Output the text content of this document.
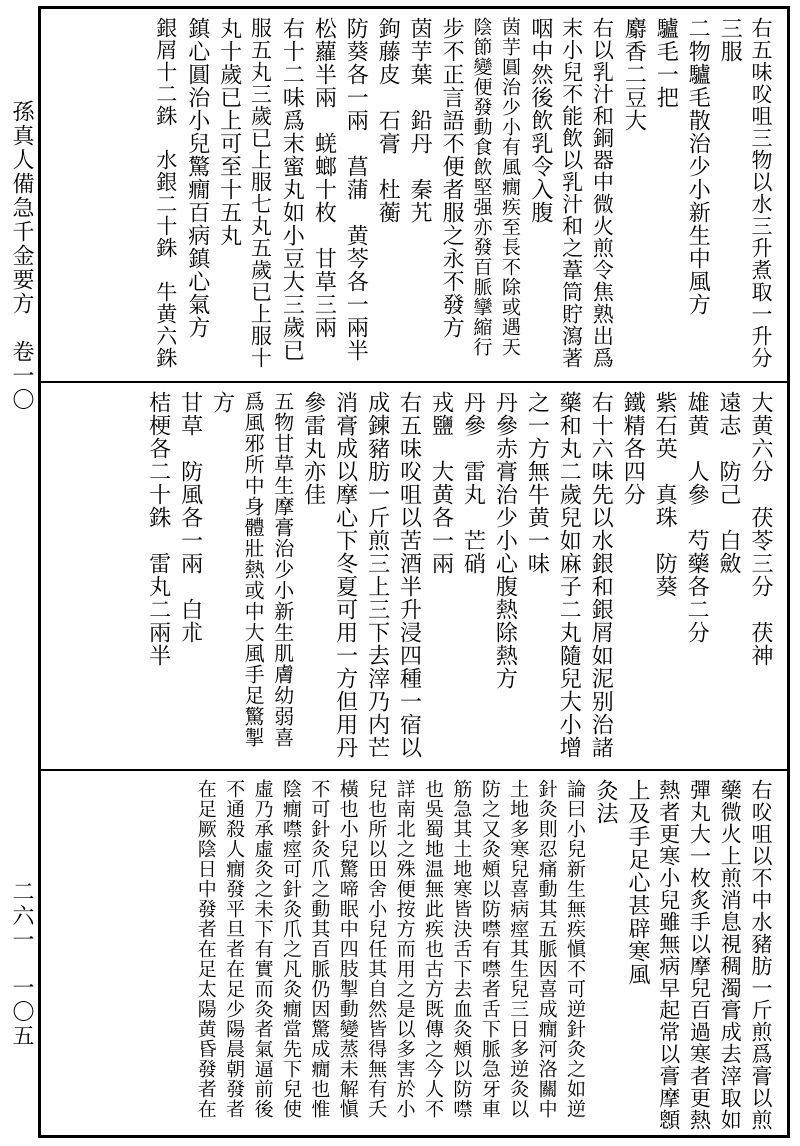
孫真人備急千金要方　卷一〇
二六一　一〇五
右五味㕮咀三物以水三升煮取一升分
三服
二物驢毛散治少小新生中風方
驢毛一把
麝香二豆大
右以乳汁和銅器中微火煎令焦熟出爲
末小兒不能飲以乳汁和之葦筒貯瀉著
咽中然後飲乳令入腹
茵芋圓治少小有風癇疾至長不除或遇天
陰節變便發動食飲堅强亦發百脈攣縮行
步不正言語不便者服之永不發方
茵芋葉　鉛丹　秦艽
鉤藤皮　石膏　杜蘅
防葵各一兩　菖蒲　黄芩各一兩半
松蘿半兩　蜣螂十枚　甘草三兩
右十二味爲末蜜丸如小豆大三歲已
服五丸三歲已上服七丸五歲已上服十
丸十歲已上可至十五丸
鎮心圓治小兒驚癇百病鎮心氣方
銀屑十二銖　水銀二十銖　牛黄六銖
大黄六分　茯苓三分　茯神
遠志　防己　白斂
雄黄　人參　芍藥各二分
紫石英　真珠　防葵
鐵精各四分
右十六味先以水銀和銀屑如泥别治諸
藥和丸二歲兒如麻子二丸隨兒大小增
之一方無牛黄一味
丹參赤膏治少小心腹熱除熱方
丹參　雷丸　芒硝
戎鹽　大黄各一兩
右五味㕮咀以苦酒半升浸四種一宿以
成鍊豬肪一斤煎三上三下去滓乃内芒
消膏成以摩心下冬夏可用一方但用丹
參雷丸亦佳
五物甘草生摩膏治少小新生肌膚幼弱喜
爲風邪所中身體壯熱或中大風手足驚掣
方
甘草　防風各一兩　白朮
桔梗各二十銖　雷丸二兩半
右㕮咀以不中水豬肪一斤煎爲膏以煎
藥微火上煎消息視稠濁膏成去滓取如
彈丸大一枚炙手以摩兒百過寒者更熱
熱者更寒小兒雖無病早起常以膏摩顖
上及手足心甚辟寒風
灸法
論曰小兒新生無疾愼不可逆針灸之如逆
針灸則忍痛動其五脈因喜成癇河洛關中
土地多寒兒喜病痙其生兒三日多逆灸以
防之又灸頰以防噤有噤者舌下脈急牙車
筋急其土地寒皆決舌下去血灸頰以防噤
也吳蜀地温無此疾也古方既傳之今人不
詳南北之殊便按方而用之是以多害於小
兒也所以田舍小兒任其自然皆得無有夭
橫也小兒驚啼眠中四肢掣動變蒸未解愼
不可針灸爪之動其百脈仍因驚成癇也惟
陰癇噤痙可針灸爪之凡灸癇當先下兒使
虛乃承虛灸之未下有實而灸者氣逼前後
不通殺人癇發平旦者在足少陽晨朝發者
在足厥陰日中發者在足太陽黄昏發者在
